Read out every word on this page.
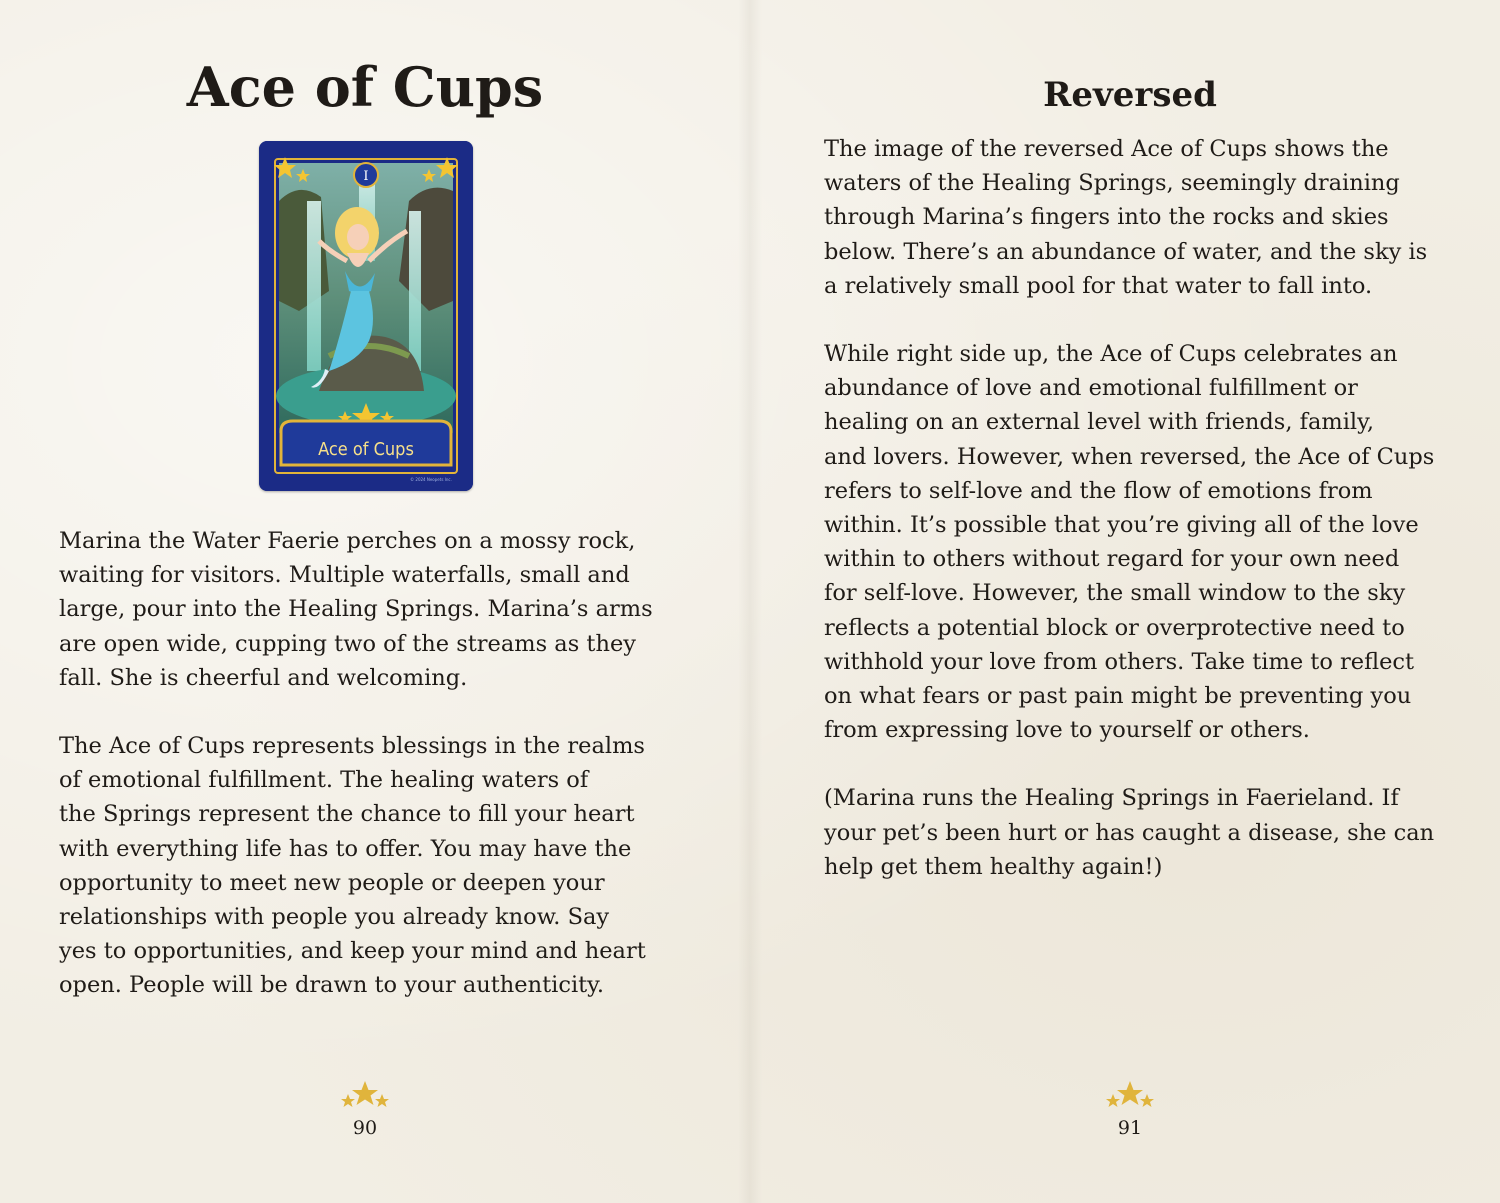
Ace of Cups
I
Ace of Cups
© 2024 Neopets Inc.

Marina the Water Faerie perches on a mossy rock,
waiting for visitors. Multiple waterfalls, small and
large, pour into the Healing Springs. Marina’s arms
are open wide, cupping two of the streams as they
fall. She is cheerful and welcoming.

The Ace of Cups represents blessings in the realms
of emotional fulfillment. The healing waters of
the Springs represent the chance to fill your heart
with everything life has to offer. You may have the
opportunity to meet new people or deepen your
relationships with people you already know. Say
yes to opportunities, and keep your mind and heart
open. People will be drawn to your authenticity.

90
Reversed

The image of the reversed Ace of Cups shows the
waters of the Healing Springs, seemingly draining
through Marina’s fingers into the rocks and skies
below. There’s an abundance of water, and the sky is
a relatively small pool for that water to fall into.

While right side up, the Ace of Cups celebrates an
abundance of love and emotional fulfillment or
healing on an external level with friends, family,
and lovers. However, when reversed, the Ace of Cups
refers to self-love and the flow of emotions from
within. It’s possible that you’re giving all of the love
within to others without regard for your own need
for self-love. However, the small window to the sky
reflects a potential block or overprotective need to
withhold your love from others. Take time to reflect
on what fears or past pain might be preventing you
from expressing love to yourself or others.

(Marina runs the Healing Springs in Faerieland. If
your pet’s been hurt or has caught a disease, she can
help get them healthy again!)

91
